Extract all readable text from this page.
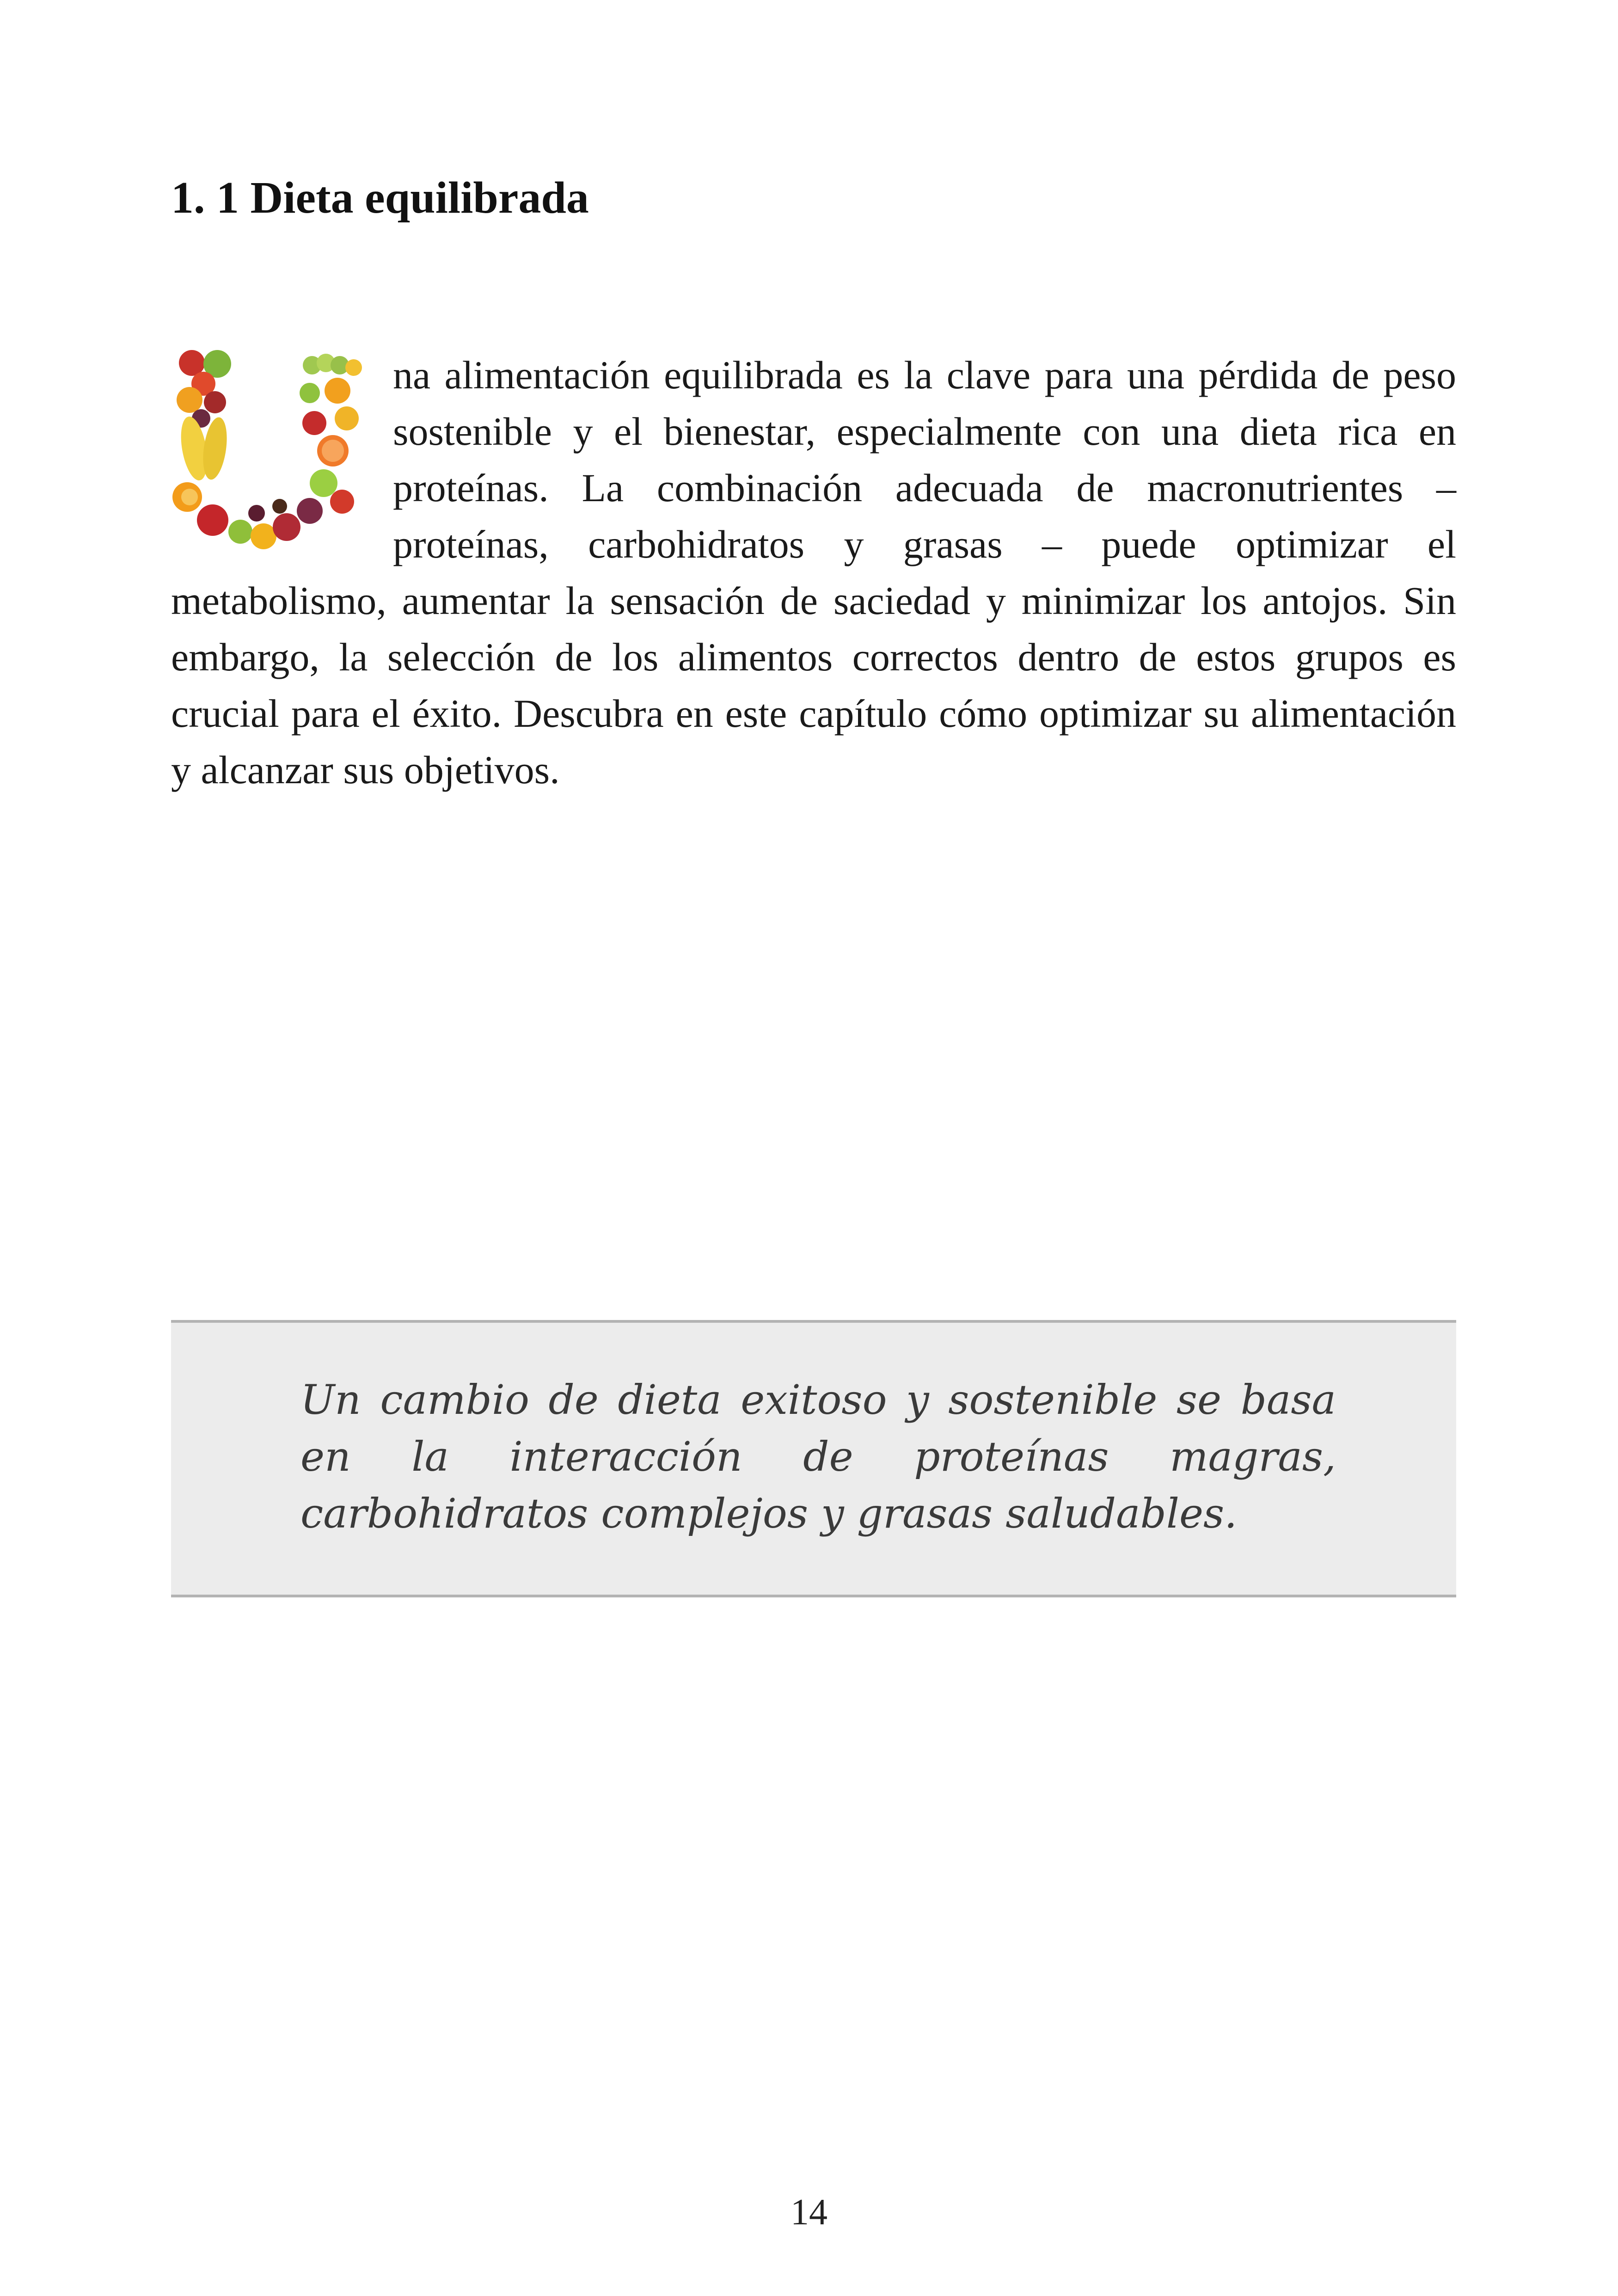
1. 1 Dieta equilibrada
na alimentación equilibrada es la clave para una pérdida de peso sostenible y el bienestar, especialmente con una dieta rica en proteínas. La combinación adecuada de macronutrientes – proteínas, carbohidratos y grasas – puede optimizar el metabolismo, aumentar la sensación de saciedad y minimizar los antojos. Sin embargo, la selección de los alimentos correctos dentro de estos grupos es crucial para el éxito. Descubra en este capítulo cómo optimizar su alimentación y alcanzar sus objetivos.

Un cambio de dieta exitoso y sostenible se basa en la interacción de proteínas magras, carbohidratos complejos y grasas saludables.

14
